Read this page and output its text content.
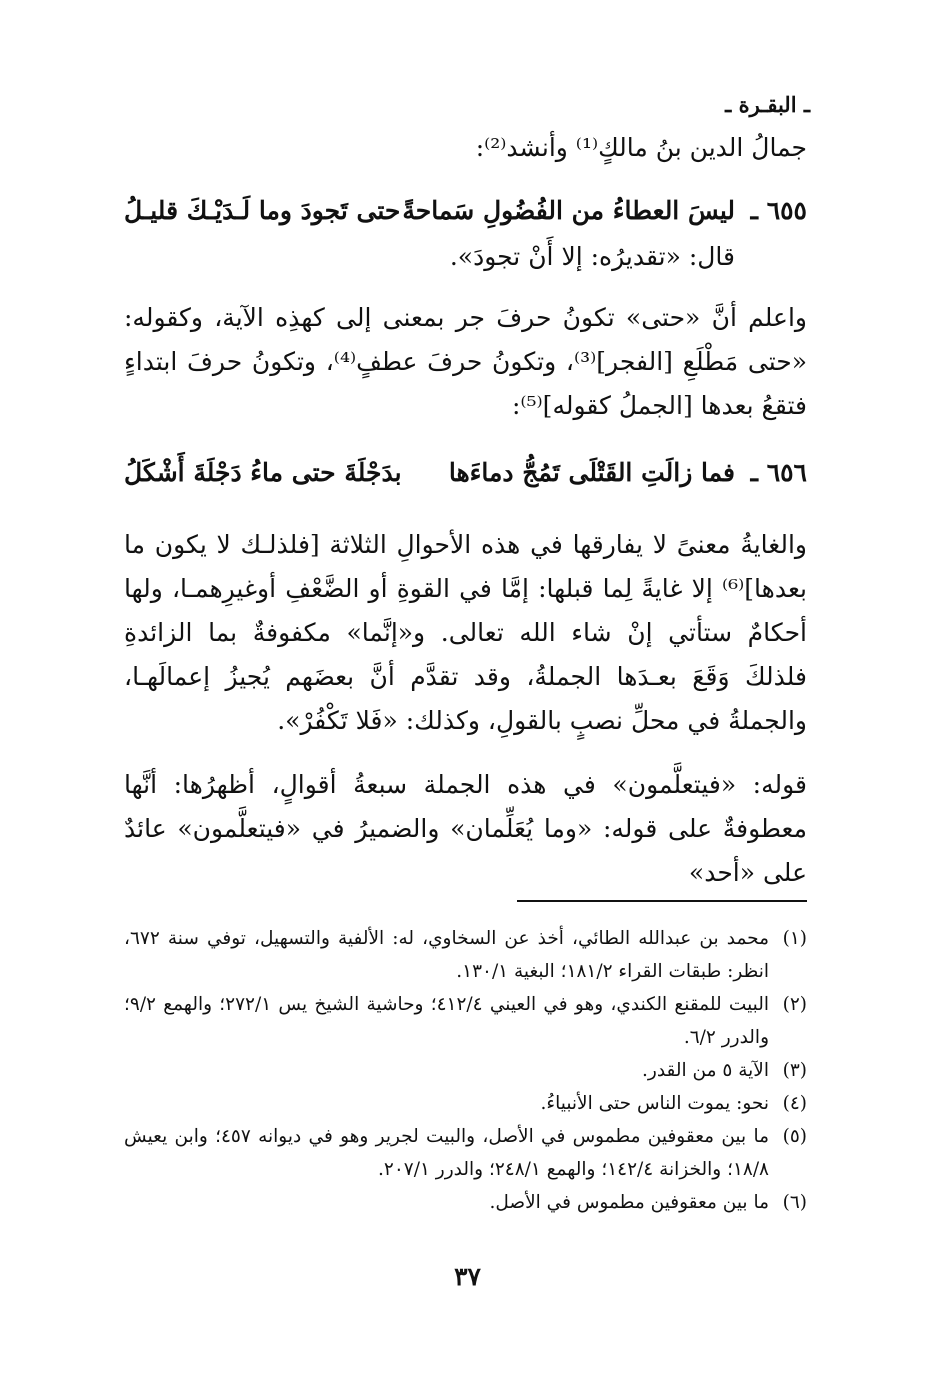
ـ البقـرة ـ
جمالُ الدين بنُ مالكٍ⁽¹⁾ وأنشد⁽²⁾:
٦٥٥ ـ
ليسَ العطاءُ من الفُضُولِ سَماحةً
حتى تَجودَ وما لَـدَيْـكَ قليـلُ
قال: «تقديرُه: إلا أَنْ تجودَ».
واعلم أنَّ «حتى» تكونُ حرفَ جر بمعنى إلى كهذِه الآية، وكقوله: «حتى مَطْلَعِ [الفجر]⁽³⁾، وتكونُ حرفَ عطفٍ⁽⁴⁾، وتكونُ حرفَ ابتداءٍ فتقعُ بعدها [الجملُ كقوله]⁽⁵⁾:
٦٥٦ ـ
فما زالَتِ القَتْلَى تَمُجُّ دماءَها
بدَجْلَةَ حتى ماءُ دَجْلَةَ أَشْكَلُ
والغايةُ معنىً لا يفارقها في هذه الأحوالِ الثلاثة [فلذلـك لا يكون ما بعدها]⁽⁶⁾ إلا غايةً لِما قبلها: إمَّا في القوةِ أو الضَّعْفِ أوغيرِهمـا، ولها أحكامٌ ستأتي إنْ شاء الله تعالى. و«إنَّما» مكفوفةٌ بما الزائدةِ فلذلكَ وَقَعَ بعـدَها الجملةُ، وقد تقدَّم أنَّ بعضَهم يُجيزُ إعمالَهـا، والجملةُ في محلِّ نصبٍ بالقولِ، وكذلك: «فَلا تَكْفُرْ».
قوله: «فيتعلَّمون» في هذه الجملة سبعةُ أقوالٍ، أظهرُها: أنَّها معطوفةٌ على قوله: «وما يُعَلِّمان» والضميرُ في «فيتعلَّمون» عائدٌ على «أحد»

(١)
محمد بن عبدالله الطائي، أخذ عن السخاوي، له: الألفية والتسهيل، توفي سنة ٦٧٢، انظر: طبقات القراء ١٨١/٢؛ البغية ١٣٠/١.

(٢)
البيت للمقنع الكندي، وهو في العيني ٤١٢/٤؛ وحاشية الشيخ يس ٢٧٢/١؛ والهمع ٩/٢؛ والدرر ٦/٢.

(٣)
الآية ٥ من القدر.

(٤)
نحو: يموت الناس حتى الأنبياءُ.

(٥)
ما بين معقوفين مطموس في الأصل، والبيت لجرير وهو في ديوانه ٤٥٧؛ وابن يعيش ١٨/٨؛ والخزانة ١٤٢/٤؛ والهمع ٢٤٨/١؛ والدرر ٢٠٧/١.

(٦)
ما بين معقوفين مطموس في الأصل.

٣٧
